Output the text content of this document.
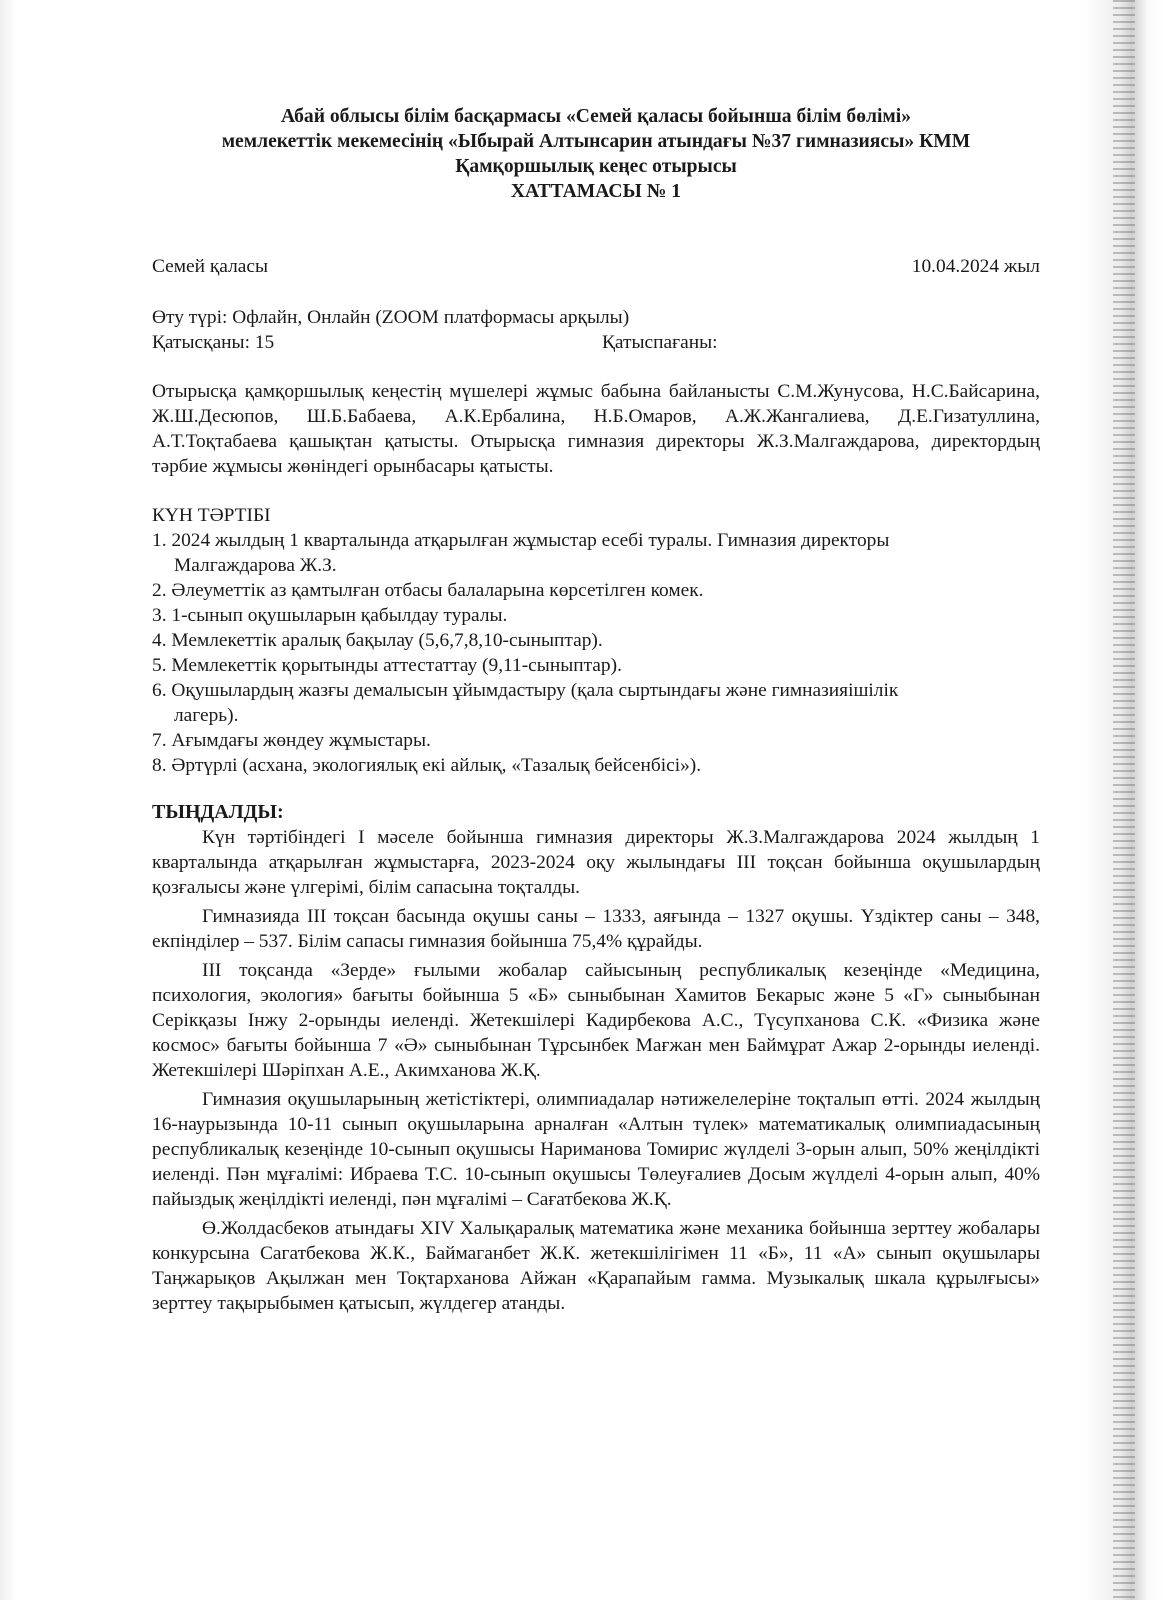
Абай облысы білім басқармасы «Семей қаласы бойынша білім бөлімі»
мемлекеттік мекемесінің «Ыбырай Алтынсарин атындағы №37 гимназиясы» КММ
Қамқоршылық кеңес отырысы
ХАТТАМАСЫ № 1
Семей қаласы	10.04.2024 жыл
Өту түрі: Офлайн, Онлайн (ZOOM платформасы арқылы)
Қатысқаны: 15	Қатыспағаны:
Отырысқа қамқоршылық кеңестің мүшелері жұмыс бабына байланысты С.М.Жунусова, Н.С.Байсарина, Ж.Ш.Десюпов, Ш.Б.Бабаева, А.К.Ербалина, Н.Б.Омаров, А.Ж.Жангалиева, Д.Е.Гизатуллина, А.Т.Тоқтабаева қашықтан қатысты. Отырысқа гимназия директоры Ж.З.Малгаждарова, директордың тәрбие жұмысы жөніндегі орынбасары қатысты.
КҮН ТӘРТІБІ
1. 2024 жылдың 1 кварталында атқарылған жұмыстар есебі туралы. Гимназия директоры
Малгаждарова Ж.З.
2. Әлеуметтік аз қамтылған отбасы балаларына көрсетілген комек.
3. 1-сынып оқушыларын қабылдау туралы.
4. Мемлекеттік аралық бақылау (5,6,7,8,10-сыныптар).
5. Мемлекеттік қорытынды аттестаттау (9,11-сыныптар).
6. Оқушылардың жазғы демалысын ұйымдастыру (қала сыртындағы және гимназияішілік
лагерь).
7. Ағымдағы жөндеу жұмыстары.
8. Әртүрлі (асхана, экологиялық екі айлық, «Тазалық бейсенбісі»).
ТЫҢДАЛДЫ:

Күн тәртібіндегі I мәселе бойынша гимназия директоры Ж.З.Малгаждарова 2024 жылдың 1 кварталында атқарылған жұмыстарға, 2023-2024 оқу жылындағы III тоқсан бойынша оқушылардың қозғалысы және үлгерімі, білім сапасына тоқталды.

Гимназияда III тоқсан басында оқушы саны – 1333, аяғында – 1327 оқушы. Үздіктер саны – 348, екпінділер – 537. Білім сапасы гимназия бойынша 75,4% құрайды.

III тоқсанда «Зерде» ғылыми жобалар сайысының республикалық кезеңінде «Медицина, психология, экология» бағыты бойынша 5 «Б» сыныбынан Хамитов Бекарыс және 5 «Г» сыныбынан Серікқазы Інжу 2-орынды иеленді. Жетекшілері Кадирбекова А.С., Түсупханова С.К. «Физика және космос» бағыты бойынша 7 «Ә» сыныбынан Тұрсынбек Мағжан мен Баймұрат Ажар 2-орынды иеленді. Жетекшілері Шәріпхан А.Е., Акимханова Ж.Қ.

Гимназия оқушыларының жетістіктері, олимпиадалар нәтижелелеріне тоқталып өтті. 2024 жылдың 16-наурызында 10-11 сынып оқушыларына арналған «Алтын түлек» математикалық олимпиадасының республикалық кезеңінде 10-сынып оқушысы Нариманова Томирис жүлделі 3-орын алып, 50% жеңілдікті иеленді. Пән мұғалімі: Ибраева Т.С. 10-сынып оқушысы Төлеуғалиев Досым жүлделі 4-орын алып, 40% пайыздық жеңілдікті иеленді, пән мұғалімі – Сағатбекова Ж.Қ.

Ө.Жолдасбеков атындағы XIV Халықаралық математика және механика бойынша зерттеу жобалары конкурсына Сагатбекова Ж.К., Баймаганбет Ж.К. жетекшілігімен 11 «Б», 11 «А» сынып оқушылары Таңжарықов Ақылжан мен Тоқтарханова Айжан «Қарапайым гамма. Музыкалық шкала құрылғысы» зерттеу тақырыбымен қатысып, жүлдегер атанды.
